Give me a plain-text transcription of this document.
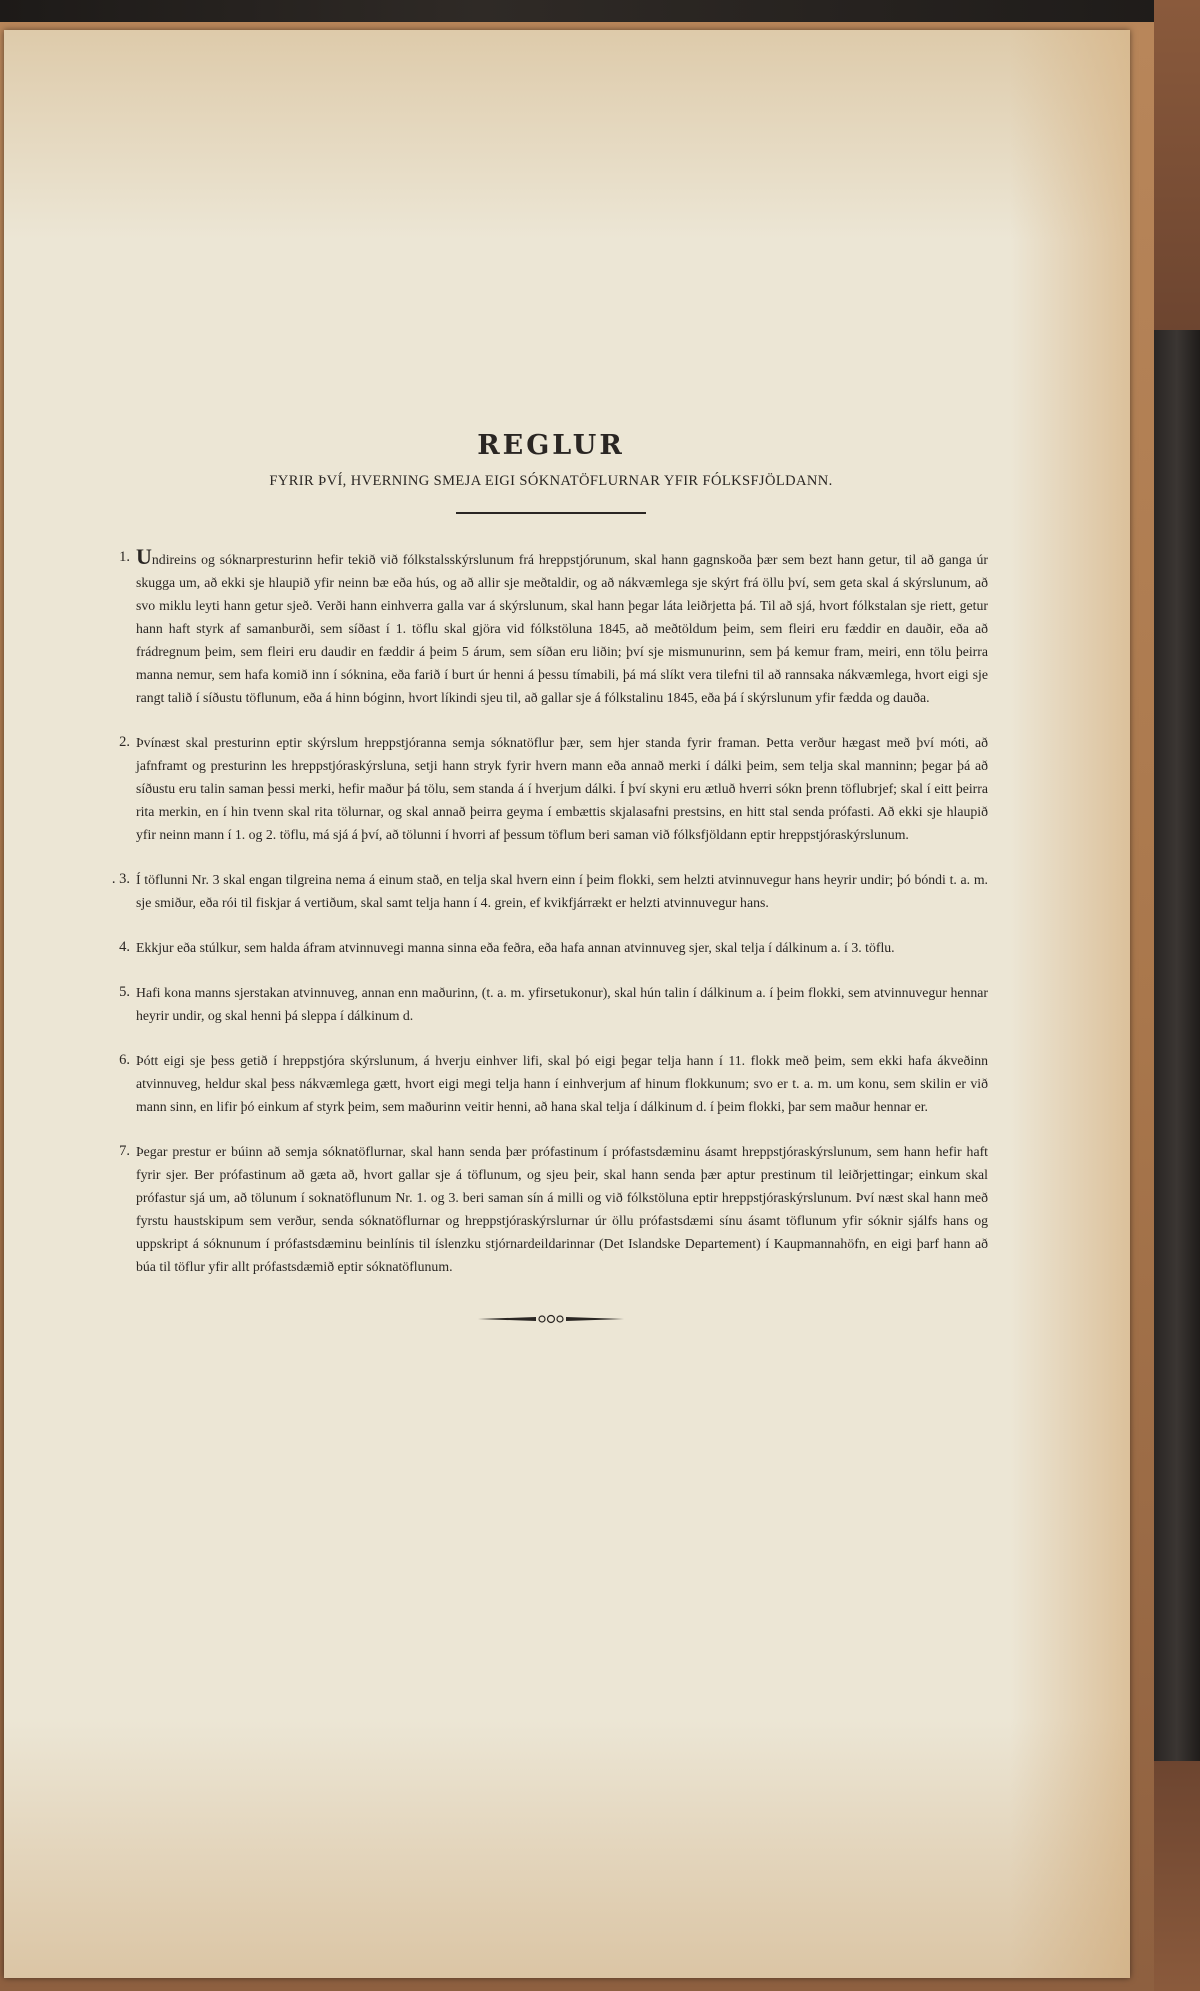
REGLUR
FYRIR ÞVÍ, HVERNING SMEJA EIGI SÓKNATÖFLURNAR YFIR FÓLKSFJÖLDANN.
1. Undireins og sóknarpresturinn hefir tekið við fólkstalsskýrslunum frá hreppstjórunum, skal hann gagnskoða þær sem bezt hann getur, til að ganga úr skugga um, að ekki sje hlaupið yfir neinn bæ eða hús, og að allir sje meðtaldir, og að nákvæmlega sje skýrt frá öllu því, sem geta skal á skýrslunum, að svo miklu leyti hann getur sjeð. Verði hann einhverra galla var á skýrslunum, skal hann þegar láta leiðrjetta þá. Til að sjá, hvort fólkstalan sje riett, getur hann haft styrk af samanburði, sem síðast í 1. töflu skal gjöra vid fólkstöluna 1845, að meðtöldum þeim, sem fleiri eru fæddir en dauðir, eða að frádregnum þeim, sem fleiri eru daudir en fæddir á þeim 5 árum, sem síðan eru liðin; því sje mismunurinn, sem þá kemur fram, meiri, enn tölu þeirra manna nemur, sem hafa komið inn í sóknina, eða farið í burt úr henni á þessu tímabili, þá má slíkt vera tilefni til að rannsaka nákvæmlega, hvort eigi sje rangt talið í síðustu töflunum, eða á hinn bóginn, hvort líkindi sjeu til, að gallar sje á fólkstalinu 1845, eða þá í skýrslunum yfir fædda og dauða.
2. Þvínæst skal presturinn eptir skýrslum hreppstjóranna semja sóknatöflur þær, sem hjer standa fyrir framan. Þetta verður hægast með því móti, að jafnframt og presturinn les hreppstjóraskýrsluna, setji hann stryk fyrir hvern mann eða annað merki í dálki þeim, sem telja skal manninn; þegar þá að síðustu eru talin saman þessi merki, hefir maður þá tölu, sem standa á í hverjum dálki. Í því skyni eru ætluð hverri sókn þrenn töflubrjef; skal í eitt þeirra rita merkin, en í hin tvenn skal rita tölurnar, og skal annað þeirra geyma í embættis skjalasafni prestsins, en hitt stal senda prófasti. Að ekki sje hlaupið yfir neinn mann í 1. og 2. töflu, má sjá á því, að tölunni í hvorri af þessum töflum beri saman við fólksfjöldann eptir hreppstjóraskýrslunum.
. 3. Í töflunni Nr. 3 skal engan tilgreina nema á einum stað, en telja skal hvern einn í þeim flokki, sem helzti atvinnuvegur hans heyrir undir; þó bóndi t. a. m. sje smiður, eða rói til fiskjar á vertiðum, skal samt telja hann í 4. grein, ef kvikfjárrækt er helzti atvinnuvegur hans.
4. Ekkjur eða stúlkur, sem halda áfram atvinnuvegi manna sinna eða feðra, eða hafa annan atvinnuveg sjer, skal telja í dálkinum a. í 3. töflu.
5. Hafi kona manns sjerstakan atvinnuveg, annan enn maðurinn, (t. a. m. yfirsetukonur), skal hún talin í dálkinum a. í þeim flokki, sem atvinnuvegur hennar heyrir undir, og skal henni þá sleppa í dálkinum d.
6. Þótt eigi sje þess getið í hreppstjóra skýrslunum, á hverju einhver lifi, skal þó eigi þegar telja hann í 11. flokk með þeim, sem ekki hafa ákveðinn atvinnuveg, heldur skal þess nákvæmlega gætt, hvort eigi megi telja hann í einhverjum af hinum flokkunum; svo er t. a. m. um konu, sem skilin er við mann sinn, en lifir þó einkum af styrk þeim, sem maðurinn veitir henni, að hana skal telja í dálkinum d. í þeim flokki, þar sem maður hennar er.
7. Þegar prestur er búinn að semja sóknatöflurnar, skal hann senda þær prófastinum í prófastsdæminu ásamt hreppstjóraskýrslunum, sem hann hefir haft fyrir sjer. Ber prófastinum að gæta að, hvort gallar sje á töflunum, og sjeu þeir, skal hann senda þær aptur prestinum til leiðrjettingar; einkum skal prófastur sjá um, að tölunum í soknatöflunum Nr. 1. og 3. beri saman sín á milli og við fólkstöluna eptir hreppstjóraskýrslunum. Því næst skal hann með fyrstu haustskipum sem verður, senda sóknatöflurnar og hreppstjóraskýrslurnar úr öllu prófastsdæmi sínu ásamt töflunum yfir sóknir sjálfs hans og uppskript á sóknunum í prófastsdæminu beinlínis til íslenzku stjórnardeildarinnar (Det Islandske Departement) í Kaupmannahöfn, en eigi þarf hann að búa til töflur yfir allt prófastsdæmið eptir sóknatöflunum.
